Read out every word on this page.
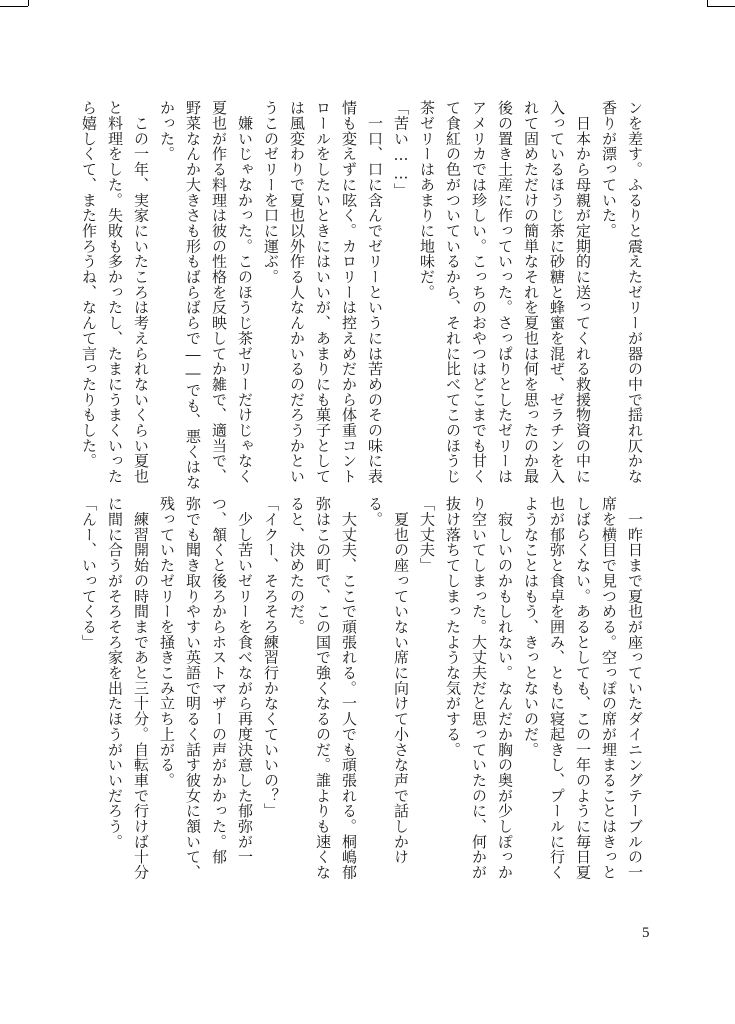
ンを差す。ふるりと震えたゼリーが器の中で揺れ仄かな
香りが漂っていた。
　日本から母親が定期的に送ってくれる救援物資の中に
入っているほうじ茶に砂糖と蜂蜜を混ぜ、ゼラチンを入
れて固めただけの簡単なそれを夏也は何を思ったのか最
後の置き土産に作っていった。さっぱりとしたゼリーは
アメリカでは珍しい。こっちのおやつはどこまでも甘く
て食紅の色がついているから、それに比べてこのほうじ
茶ゼリーはあまりに地味だ。
「苦い……」
　一口、口に含んでゼリーというには苦めのその味に表
情も変えずに呟く。カロリーは控えめだから体重コント
ロールをしたいときにはいいが、あまりにも菓子として
は風変わりで夏也以外作る人なんかいるのだろうかとい
うこのゼリーを口に運ぶ。
　嫌いじゃなかった。このほうじ茶ゼリーだけじゃなく
夏也が作る料理は彼の性格を反映してか雑で、適当で、
野菜なんか大きさも形もばらばらで――でも、悪くはな
かった。
　この一年、実家にいたころは考えられないくらい夏也
と料理をした。失敗も多かったし、たまにうまくいった
ら嬉しくて、また作ろうね、なんて言ったりもした。
　一昨日まで夏也が座っていたダイニングテーブルの一
席を横目で見つめる。空っぽの席が埋まることはきっと
しばらくない。あるとしても、この一年のように毎日夏
也が郁弥と食卓を囲み、ともに寝起きし、プールに行く
ようなことはもう、きっとないのだ。
　寂しいのかもしれない。なんだか胸の奥が少しぽっか
り空いてしまった。大丈夫だと思っていたのに、何かが
抜け落ちてしまったような気がする。
「大丈夫」
　夏也の座っていない席に向けて小さな声で話しかけ
る。
　大丈夫、ここで頑張れる。一人でも頑張れる。桐嶋郁
弥はこの町で、この国で強くなるのだ。誰よりも速くな
ると、決めたのだ。
「イクー、そろそろ練習行かなくていいの？」
　少し苦いゼリーを食べながら再度決意した郁弥が一
つ、頷くと後ろからホストマザーの声がかかった。郁
弥でも聞き取りやすい英語で明るく話す彼女に頷いて、
残っていたゼリーを掻きこみ立ち上がる。
　練習開始の時間まであと三十分。自転車で行けば十分
に間に合うがそろそろ家を出たほうがいいだろう。
「んー、いってくる」
5
